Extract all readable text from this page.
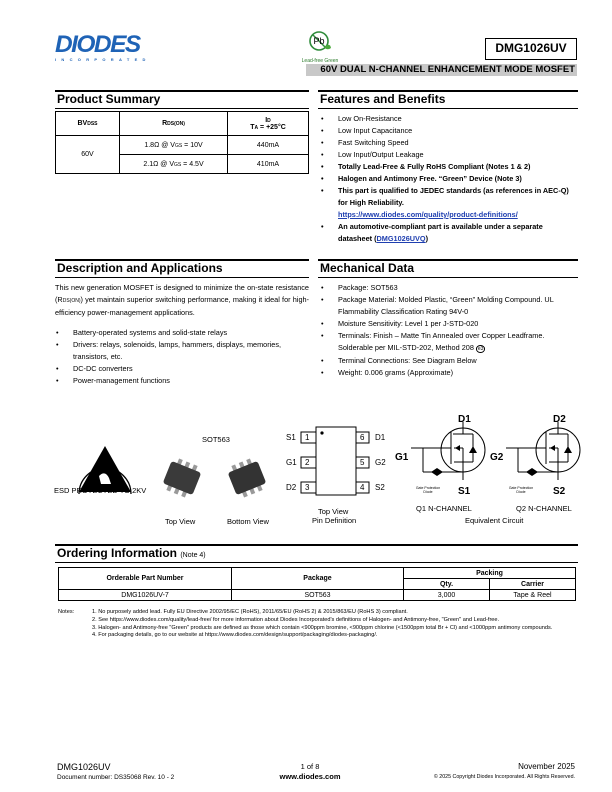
DIODES
INCORPORATED
Pb
Lead-free Green
DMG1026UV
60V DUAL N-CHANNEL ENHANCEMENT MODE MOSFET
Product Summary
BVDSS	RDS(ON)	ID
TA = +25°C
60V	1.8Ω @ VGS = 10V	440mA
	2.1Ω @ VGS = 4.5V	410mA
Features and Benefits
• Low On-Resistance
• Low Input Capacitance
• Fast Switching Speed
• Low Input/Output Leakage
• Totally Lead-Free & Fully RoHS Compliant (Notes 1 & 2)
• Halogen and Antimony Free. “Green” Device (Note 3)
• This part is qualified to JEDEC standards (as references in AEC-Q) for High Reliability.
https://www.diodes.com/quality/product-definitions/
• An automotive-compliant part is available under a separate datasheet (DMG1026UVQ)
Description and Applications
This new generation MOSFET is designed to minimize the on-state resistance (RDS(ON)) yet maintain superior switching performance, making it ideal for high-efficiency power-management applications.
• Battery-operated systems and solid-state relays
• Drivers: relays, solenoids, lamps, hammers, displays, memories, transistors, etc.
• DC-DC converters
• Power-management functions
Mechanical Data
• Package: SOT563
• Package Material: Molded Plastic, “Green” Molding Compound. UL Flammability Classification Rating 94V-0
• Moisture Sensitivity: Level 1 per J-STD-020
• Terminals: Finish – Matte Tin Annealed over Copper Leadframe. Solderable per MIL-STD-202, Method 208 e3
• Terminal Connections: See Diagram Below
• Weight: 0.006 grams (Approximate)
ESD PROTECTED TO 2KV
SOT563
Top View	Bottom View
S1
G1
D2
1
2
3
6
5
4
D1
G2
S2
Top View
Pin Definition
D1
G1
S1
D2
G2
S2
Gate Protection
Diode
Gate Protection
Diode
Q1 N-CHANNEL	Q2 N-CHANNEL
Equivalent Circuit
Ordering Information (Note 4)
Orderable Part Number	Package	Packing	
		Qty.	Carrier
DMG1026UV-7	SOT563	3,000	Tape & Reel
Notes:	1. No purposely added lead. Fully EU Directive 2002/95/EC (RoHS), 2011/65/EU (RoHS 2) & 2015/863/EU (RoHS 3) compliant.
2. See https://www.diodes.com/quality/lead-free/ for more information about Diodes Incorporated's definitions of Halogen- and Antimony-free, "Green" and Lead-free.
3. Halogen- and Antimony-free "Green" products are defined as those which contain <900ppm bromine, <900ppm chlorine (<1500ppm total Br + Cl) and <1000ppm antimony compounds.
4. For packaging details, go to our website at https://www.diodes.com/design/support/packaging/diodes-packaging/.
DMG1026UV
Document number: DS35068 Rev. 10 - 2
1 of 8
www.diodes.com
November 2025
© 2025 Copyright Diodes Incorporated. All Rights Reserved.
